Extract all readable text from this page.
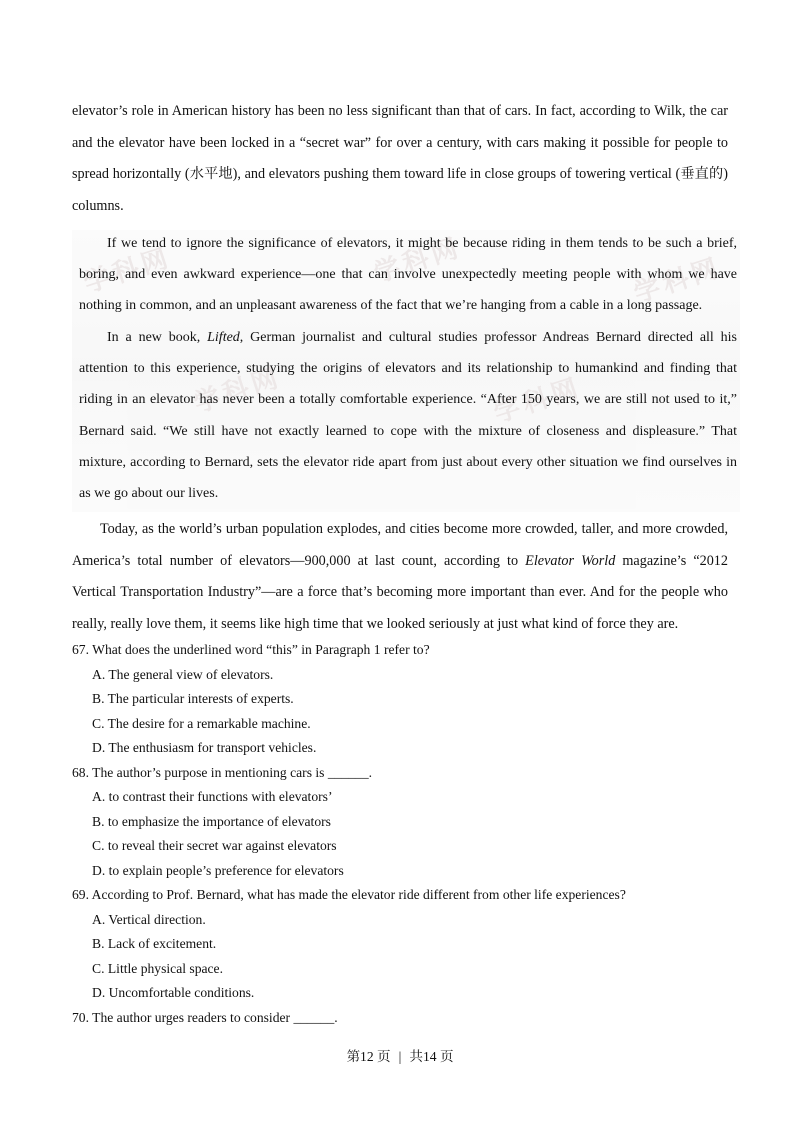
elevator’s role in American history has been no less significant than that of cars. In fact, according to Wilk, the car and the elevator have been locked in a “secret war” for over a century, with cars making it possible for people to spread horizontally (水平地), and elevators pushing them toward life in close groups of towering vertical (垂直的) columns.

学科网	学科网	学科网
学科网	学科网

If we tend to ignore the significance of elevators, it might be because riding in them tends to be such a brief, boring, and even awkward experience—one that can involve unexpectedly meeting people with whom we have nothing in common, and an unpleasant awareness of the fact that we’re hanging from a cable in a long passage.

In a new book, Lifted, German journalist and cultural studies professor Andreas Bernard directed all his attention to this experience, studying the origins of elevators and its relationship to humankind and finding that riding in an elevator has never been a totally comfortable experience. “After 150 years, we are still not used to it,” Bernard said. “We still have not exactly learned to cope with the mixture of closeness and displeasure.” That mixture, according to Bernard, sets the elevator ride apart from just about every other situation we find ourselves in as we go about our lives.

Today, as the world’s urban population explodes, and cities become more crowded, taller, and more crowded, America’s total number of elevators—900,000 at last count, according to Elevator World magazine’s “2012 Vertical Transportation Industry”—are a force that’s becoming more important than ever. And for the people who really, really love them, it seems like high time that we looked seriously at just what kind of force they are.

67. What does the underlined word “this” in Paragraph 1 refer to?

A. The general view of elevators.

B. The particular interests of experts.

C. The desire for a remarkable machine.

D. The enthusiasm for transport vehicles.

68. The author’s purpose in mentioning cars is ______.

A. to contrast their functions with elevators’

B. to emphasize the importance of elevators

C. to reveal their secret war against elevators

D. to explain people’s preference for elevators

69. According to Prof. Bernard, what has made the elevator ride different from other life experiences?

A. Vertical direction.

B. Lack of excitement.

C. Little physical space.

D. Uncomfortable conditions.

70. The author urges readers to consider ______.

第12 页 | 共14 页
